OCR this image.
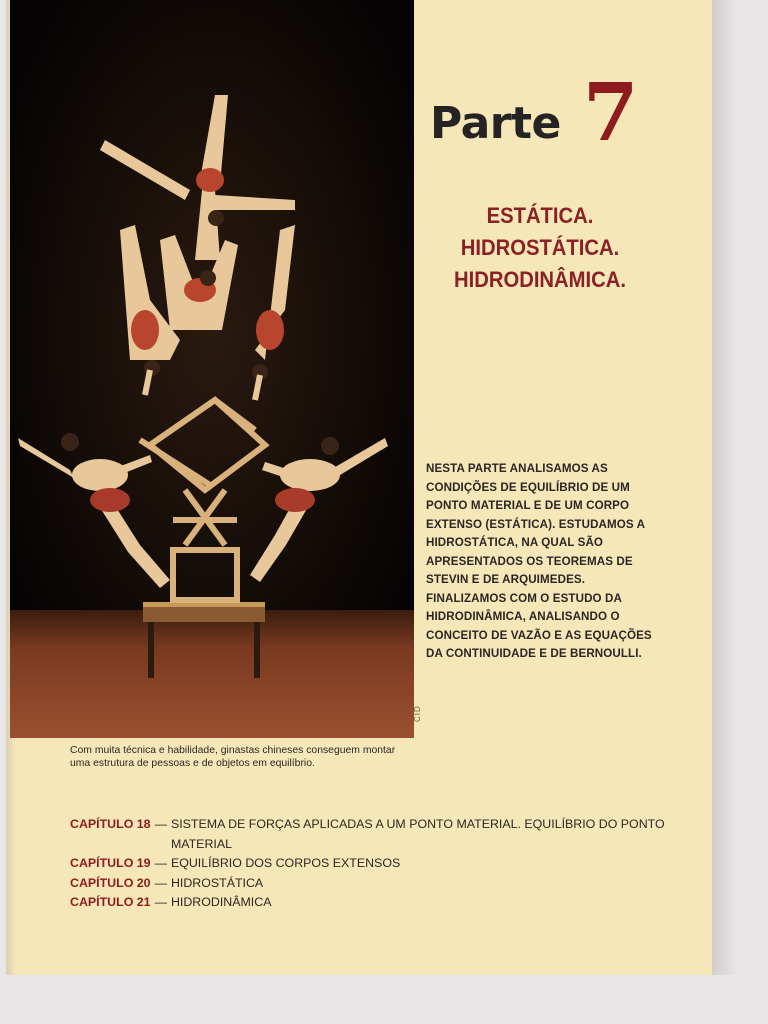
CID
Parte 7
ESTÁTICA.
HIDROSTÁTICA.
HIDRODINÂMICA.
NESTA PARTE ANALISAMOS AS CONDIÇÕES DE EQUILÍBRIO DE UM PONTO MATERIAL E DE UM CORPO EXTENSO (ESTÁTICA). ESTUDAMOS A HIDROSTÁTICA, NA QUAL SÃO APRESENTADOS OS TEOREMAS DE STEVIN E DE ARQUIMEDES. FINALIZAMOS COM O ESTUDO DA HIDRODINÂMICA, ANALISANDO O CONCEITO DE VAZÃO E AS EQUAÇÕES DA CONTINUIDADE E DE BERNOULLI.
Com muita técnica e habilidade, ginastas chineses conseguem montar uma estrutura de pessoas e de objetos em equilíbrio.
CAPÍTULO 18 — SISTEMA DE FORÇAS APLICADAS A UM PONTO MATERIAL. EQUILÍBRIO DO PONTO MATERIAL
CAPÍTULO 19 — EQUILÍBRIO DOS CORPOS EXTENSOS
CAPÍTULO 20 — HIDROSTÁTICA
CAPÍTULO 21 — HIDRODINÂMICA
